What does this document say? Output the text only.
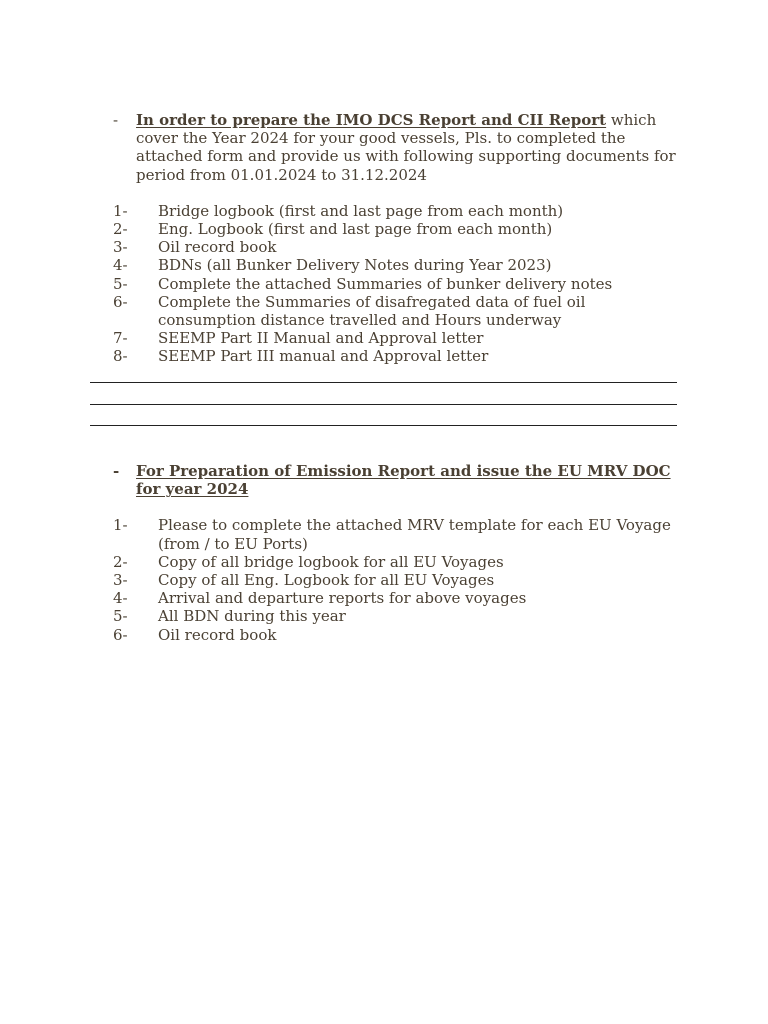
-	In order to prepare the IMO DCS Report and CII Report which cover the Year 2024 for your good vessels, Pls. to completed the attached form and provide us with following supporting documents for period from 01.01.2024 to 31.12.2024
1-	Bridge logbook (first and last page from each month)
2-	Eng. Logbook (first and last page from each month)
3-	Oil record book
4-	BDNs (all Bunker Delivery Notes during Year 2023)
5-	Complete the attached Summaries of bunker delivery notes
6-	Complete the Summaries of disafregated data of fuel oil consumption distance travelled and Hours underway
7-	SEEMP Part II Manual and Approval letter
8-	SEEMP Part III manual and Approval letter
-	For Preparation of Emission Report and issue the EU MRV DOC for year 2024
1-	Please to complete the attached MRV template for each EU Voyage (from / to EU Ports)
2-	Copy of all bridge logbook for all EU Voyages
3-	Copy of all Eng. Logbook for all EU Voyages
4-	Arrival and departure reports for above voyages
5-	All BDN during this year
6-	Oil record book
